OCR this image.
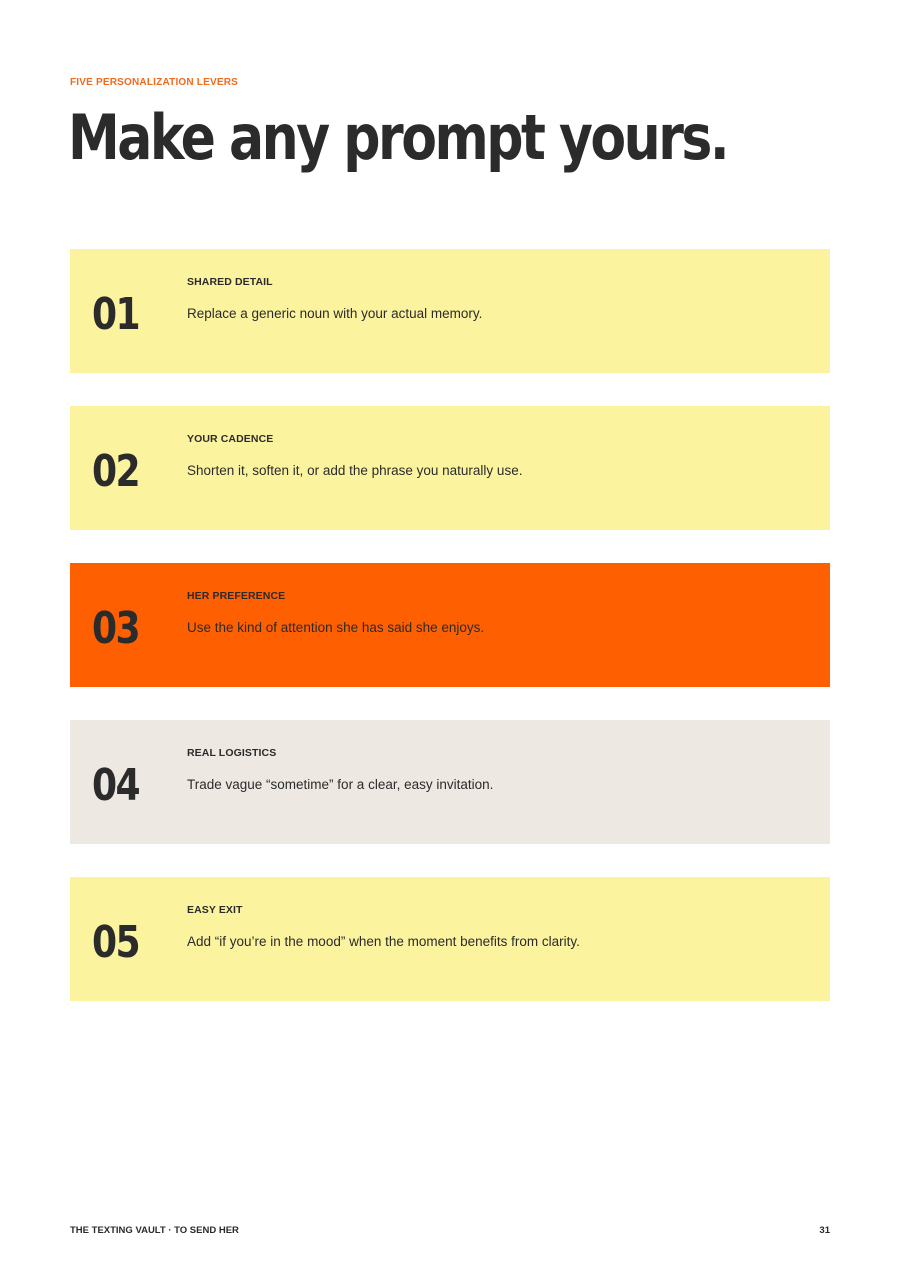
FIVE PERSONALIZATION LEVERS
Make any prompt yours.
01
SHARED DETAIL
Replace a generic noun with your actual memory.
02
YOUR CADENCE
Shorten it, soften it, or add the phrase you naturally use.
03
HER PREFERENCE
Use the kind of attention she has said she enjoys.
04
REAL LOGISTICS
Trade vague “sometime” for a clear, easy invitation.
05
EASY EXIT
Add “if you’re in the mood” when the moment benefits from clarity.
THE TEXTING VAULT · TO SEND HER	31
